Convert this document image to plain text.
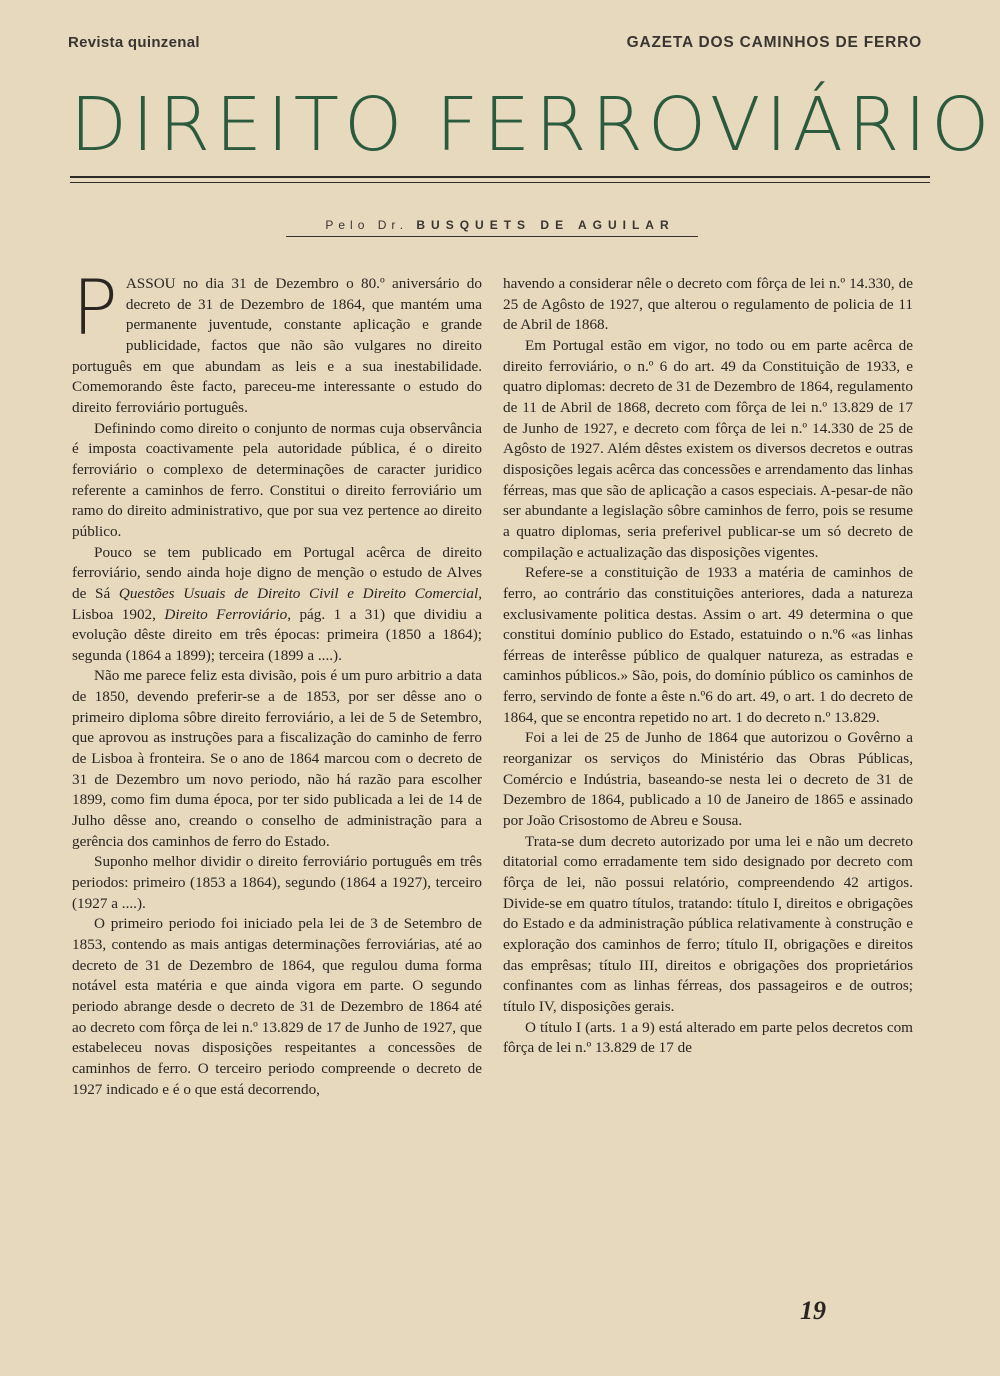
Revista quinzenal	GAZETA DOS CAMINHOS DE FERRO
DIREITO FERROVIÁRIO
Pelo Dr. BUSQUETS DE AGUILAR

PASSOU no dia 31 de Dezembro o 80.º aniversário do decreto de 31 de Dezembro de 1864, que mantém uma permanente juventude, constante aplicação e grande publicidade, factos que não são vulgares no direito português em que abundam as leis e a sua inestabilidade. Comemorando êste facto, pareceu-me interessante o estudo do direito ferroviário português.

Definindo como direito o conjunto de normas cuja observância é imposta coactivamente pela autoridade pública, é o direito ferroviário o complexo de determinações de caracter juridico referente a caminhos de ferro. Constitui o direito ferroviário um ramo do direito administrativo, que por sua vez pertence ao direito público.

Pouco se tem publicado em Portugal acêrca de direito ferroviário, sendo ainda hoje digno de menção o estudo de Alves de Sá Questões Usuais de Direito Civil e Direito Comercial, Lisboa 1902, Direito Ferroviário, pág. 1 a 31) que dividiu a evolução dêste direito em três épocas: primeira (1850 a 1864); segunda (1864 a 1899); terceira (1899 a ....).

Não me parece feliz esta divisão, pois é um puro arbitrio a data de 1850, devendo preferir-se a de 1853, por ser dêsse ano o primeiro diploma sôbre direito ferroviário, a lei de 5 de Setembro, que aprovou as instruções para a fiscalização do caminho de ferro de Lisboa à fronteira. Se o ano de 1864 marcou com o decreto de 31 de Dezembro um novo periodo, não há razão para escolher 1899, como fim duma época, por ter sido publicada a lei de 14 de Julho dêsse ano, creando o conselho de administração para a gerência dos caminhos de ferro do Estado.

Suponho melhor dividir o direito ferroviário português em três periodos: primeiro (1853 a 1864), segundo (1864 a 1927), terceiro (1927 a ....).

O primeiro periodo foi iniciado pela lei de 3 de Setembro de 1853, contendo as mais antigas determinações ferroviárias, até ao decreto de 31 de Dezembro de 1864, que regulou duma forma notável esta matéria e que ainda vigora em parte. O segundo periodo abrange desde o decreto de 31 de Dezembro de 1864 até ao decreto com fôrça de lei n.º 13.829 de 17 de Junho de 1927, que estabeleceu novas disposições respeitantes a concessões de caminhos de ferro. O terceiro periodo compreende o decreto de 1927 indicado e é o que está decorrendo,

havendo a considerar nêle o decreto com fôrça de lei n.º 14.330, de 25 de Agôsto de 1927, que alterou o regulamento de policia de 11 de Abril de 1868.

Em Portugal estão em vigor, no todo ou em parte acêrca de direito ferroviário, o n.º 6 do art. 49 da Constituição de 1933, e quatro diplomas: decreto de 31 de Dezembro de 1864, regulamento de 11 de Abril de 1868, decreto com fôrça de lei n.º 13.829 de 17 de Junho de 1927, e decreto com fôrça de lei n.º 14.330 de 25 de Agôsto de 1927. Além dêstes existem os diversos decretos e outras disposições legais acêrca das concessões e arrendamento das linhas férreas, mas que são de aplicação a casos especiais. A-pesar-de não ser abundante a legislação sôbre caminhos de ferro, pois se resume a quatro diplomas, seria preferivel publicar-se um só decreto de compilação e actualização das disposições vigentes.

Refere-se a constituição de 1933 a matéria de caminhos de ferro, ao contrário das constituições anteriores, dada a natureza exclusivamente politica destas. Assim o art. 49 determina o que constitui domínio publico do Estado, estatuindo o n.º6 «as linhas férreas de interêsse público de qualquer natureza, as estradas e caminhos públicos.» São, pois, do domínio público os caminhos de ferro, servindo de fonte a êste n.º6 do art. 49, o art. 1 do decreto de 1864, que se encontra repetido no art. 1 do decreto n.º 13.829.

Foi a lei de 25 de Junho de 1864 que autorizou o Govêrno a reorganizar os serviços do Ministério das Obras Públicas, Comércio e Indústria, baseando-se nesta lei o decreto de 31 de Dezembro de 1864, publicado a 10 de Janeiro de 1865 e assinado por João Crisostomo de Abreu e Sousa.

Trata-se dum decreto autorizado por uma lei e não um decreto ditatorial como erradamente tem sido designado por decreto com fôrça de lei, não possui relatório, compreendendo 42 artigos. Divide-se em quatro títulos, tratando: título I, direitos e obrigações do Estado e da administração pública relativamente à construção e exploração dos caminhos de ferro; título II, obrigações e direitos das emprêsas; título III, direitos e obrigações dos proprietários confinantes com as linhas férreas, dos passageiros e de outros; título IV, disposições gerais.

O título I (arts. 1 a 9) está alterado em parte pelos decretos com fôrça de lei n.º 13.829 de 17 de

19
